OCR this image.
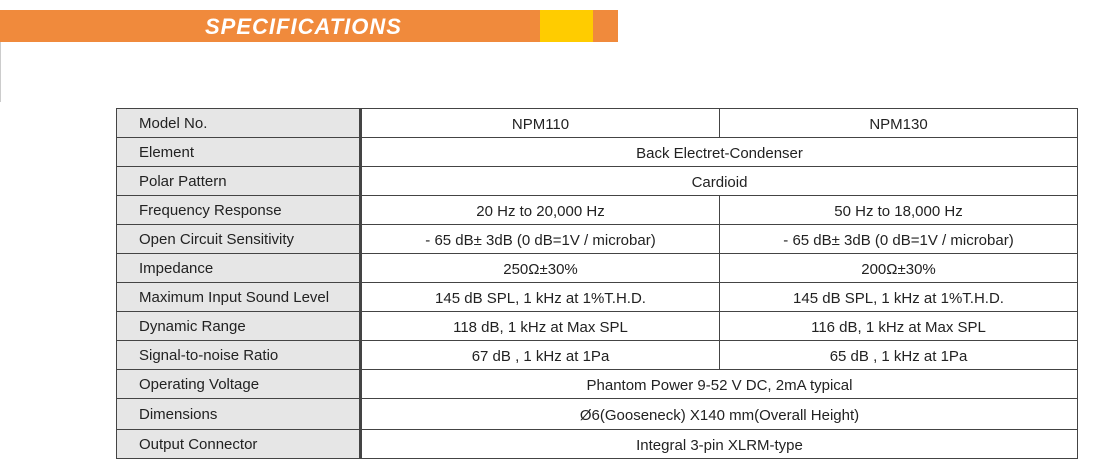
SPECIFICATIONS
Model No.	NPM110	NPM130
Element	Back Electret-Condenser	
Polar Pattern	Cardioid	
Frequency Response	20 Hz to 20,000 Hz	50 Hz to 18,000 Hz
Open Circuit Sensitivity	- 65 dB± 3dB (0 dB=1V / microbar)	- 65 dB± 3dB (0 dB=1V / microbar)
Impedance	250Ω±30%	200Ω±30%
Maximum Input Sound Level	145 dB SPL, 1 kHz at 1%T.H.D.	145 dB SPL, 1 kHz at 1%T.H.D.
Dynamic Range	118 dB, 1 kHz at Max SPL	116 dB, 1 kHz at Max SPL
Signal-to-noise Ratio	67 dB , 1 kHz at 1Pa	65 dB , 1 kHz at 1Pa
Operating Voltage	Phantom Power 9-52 V DC, 2mA typical	
Dimensions	Ø6(Gooseneck) X140 mm(Overall Height)	
Output Connector	Integral 3-pin XLRM-type	
